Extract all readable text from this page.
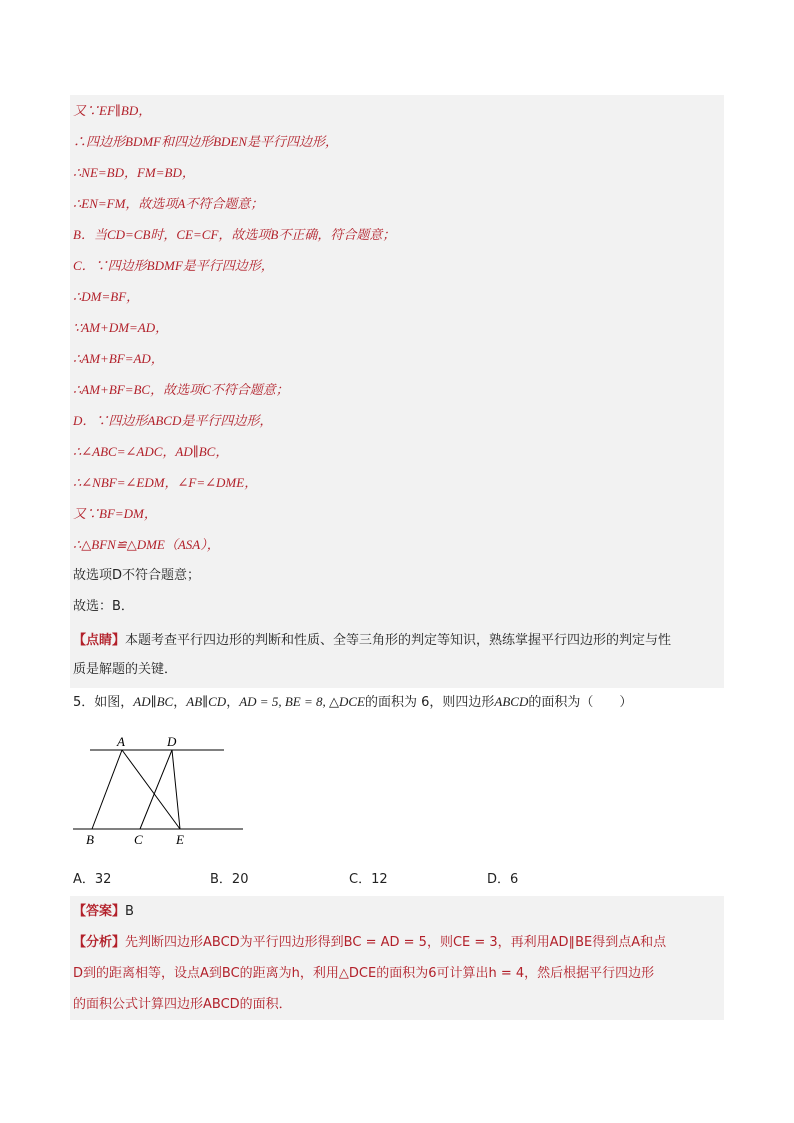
又∵EF∥BD，
∴四边形BDMF和四边形BDEN是平行四边形，
∴NE=BD，FM=BD，
∴EN=FM，故选项A不符合题意；
B．当CD=CB时，CE=CF，故选项B不正确，符合题意；
C．∵四边形BDMF是平行四边形，
∴DM=BF，
∵AM+DM=AD，
∴AM+BF=AD，
∴AM+BF=BC，故选项C不符合题意；
D．∵四边形ABCD是平行四边形，
∴∠ABC=∠ADC，AD∥BC，
∴∠NBF=∠EDM，∠F=∠DME，
又∵BF=DM，
∴△BFN≌△DME（ASA），
故选项D不符合题意；
故选：B．
【点睛】本题考查平行四边形的判断和性质、全等三角形的判定等知识，熟练掌握平行四边形的判定与性
质是解题的关键．
5．如图，AD∥BC，AB∥CD，AD = 5, BE = 8, △DCE的面积为 6，则四边形ABCD的面积为（　　）
A	D
B	C	E
A．32	B．20	C．12	D．6
【答案】B
【分析】先判断四边形ABCD为平行四边形得到BC = AD = 5，则CE = 3，再利用AD∥BE得到点A和点
D到的距离相等，设点A到BC的距离为h，利用△DCE的面积为6可计算出h = 4，然后根据平行四边形
的面积公式计算四边形ABCD的面积．
